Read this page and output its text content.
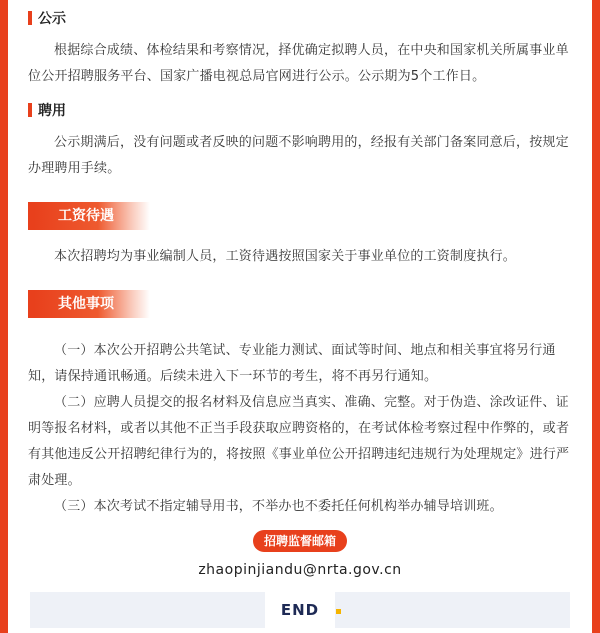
公示

根据综合成绩、体检结果和考察情况，择优确定拟聘人员，在中央和国家机关所属事业单位公开招聘服务平台、国家广播电视总局官网进行公示。公示期为5个工作日。

聘用

公示期满后，没有问题或者反映的问题不影响聘用的，经报有关部门备案同意后，按规定办理聘用手续。

工资待遇

本次招聘均为事业编制人员，工资待遇按照国家关于事业单位的工资制度执行。

其他事项

（一）本次公开招聘公共笔试、专业能力测试、面试等时间、地点和相关事宜将另行通知，请保持通讯畅通。后续未进入下一环节的考生，将不再另行通知。

（二）应聘人员提交的报名材料及信息应当真实、准确、完整。对于伪造、涂改证件、证明等报名材料，或者以其他不正当手段获取应聘资格的，在考试体检考察过程中作弊的，或者有其他违反公开招聘纪律行为的，将按照《事业单位公开招聘违纪违规行为处理规定》进行严肃处理。

（三）本次考试不指定辅导用书，不举办也不委托任何机构举办辅导培训班。

招聘监督邮箱
zhaopinjiandu@nrta.gov.cn
END
